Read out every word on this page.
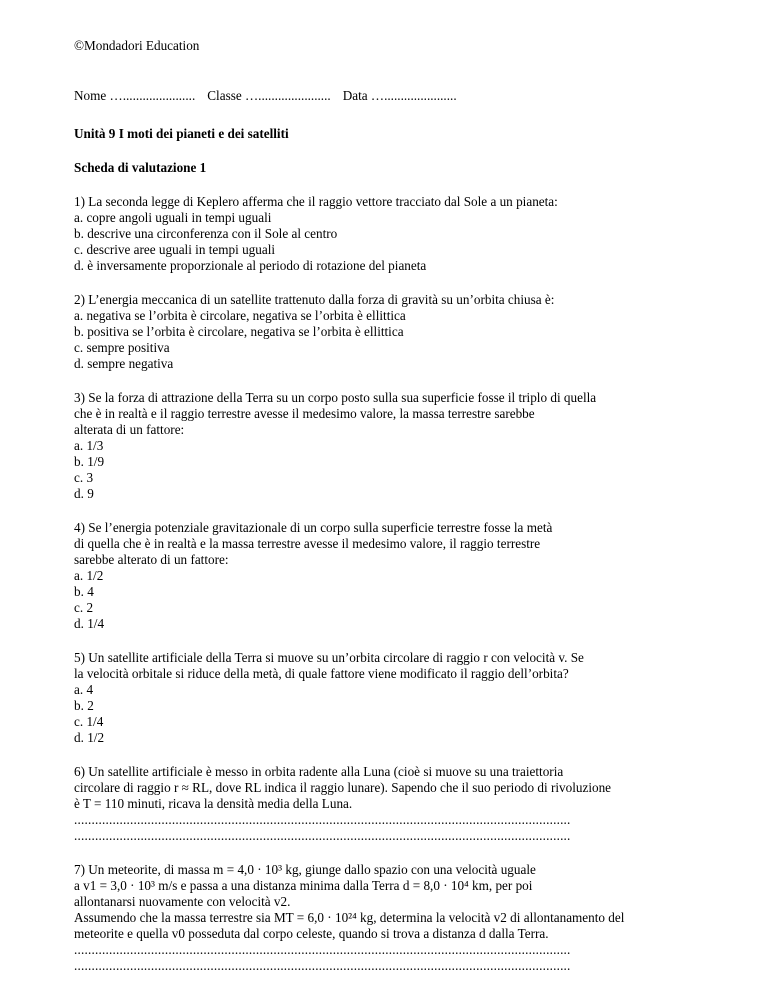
©Mondadori Education

Nome …...................... Classe …...................... Data …......................
Unità 9 I moti dei pianeti e dei satelliti
Scheda di valutazione 1

1) La seconda legge di Keplero afferma che il raggio vettore tracciato dal Sole a un pianeta:

a. copre angoli uguali in tempi uguali

b. descrive una circonferenza con il Sole al centro

c. descrive aree uguali in tempi uguali

d. è inversamente proporzionale al periodo di rotazione del pianeta

2) L’energia meccanica di un satellite trattenuto dalla forza di gravità su un’orbita chiusa è:

a. negativa se l’orbita è circolare, negativa se l’orbita è ellittica

b. positiva se l’orbita è circolare, negativa se l’orbita è ellittica

c. sempre positiva

d. sempre negativa

3) Se la forza di attrazione della Terra su un corpo posto sulla sua superficie fosse il triplo di quella

che è in realtà e il raggio terrestre avesse il medesimo valore, la massa terrestre sarebbe

alterata di un fattore:

a. 1/3

b. 1/9

c. 3

d. 9

4) Se l’energia potenziale gravitazionale di un corpo sulla superficie terrestre fosse la metà

di quella che è in realtà e la massa terrestre avesse il medesimo valore, il raggio terrestre

sarebbe alterato di un fattore:

a. 1/2

b. 4

c. 2

d. 1/4

5) Un satellite artificiale della Terra si muove su un’orbita circolare di raggio r con velocità v. Se

la velocità orbitale si riduce della metà, di quale fattore viene modificato il raggio dell’orbita?

a. 4

b. 2

c. 1/4

d. 1/2

6) Un satellite artificiale è messo in orbita radente alla Luna (cioè si muove su una traiettoria

circolare di raggio r ≈ RL, dove RL indica il raggio lunare). Sapendo che il suo periodo di rivoluzione

è T = 110 minuti, ricava la densità media della Luna.

..............................................................................................................................................

..............................................................................................................................................

7) Un meteorite, di massa m = 4,0 · 10³ kg, giunge dallo spazio con una velocità uguale

a v1 = 3,0 · 10³ m/s e passa a una distanza minima dalla Terra d = 8,0 · 10⁴ km, per poi

allontanarsi nuovamente con velocità v2.

Assumendo che la massa terrestre sia MT = 6,0 · 10²⁴ kg, determina la velocità v2 di allontanamento del

meteorite e quella v0 posseduta dal corpo celeste, quando si trova a distanza d dalla Terra.

..............................................................................................................................................

..............................................................................................................................................
